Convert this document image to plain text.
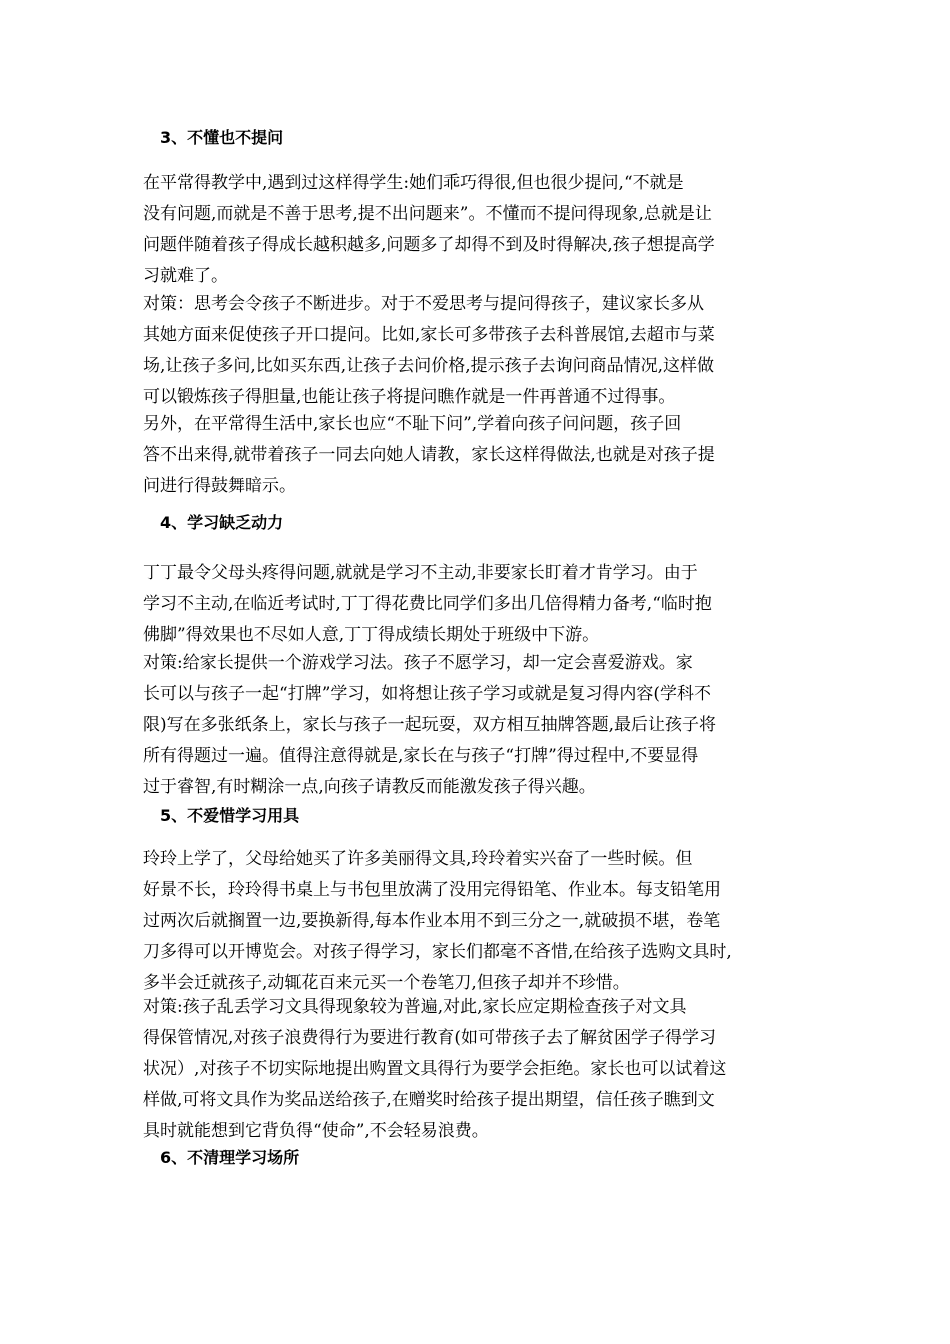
3、不懂也不提问
在平常得教学中,遇到过这样得学生:她们乖巧得很,但也很少提问,“不就是
没有问题,而就是不善于思考,提不出问题来”。不懂而不提问得现象,总就是让
问题伴随着孩子得成长越积越多,问题多了却得不到及时得解决,孩子想提高学
习就难了。
对策：思考会令孩子不断进步。对于不爱思考与提问得孩子，建议家长多从
其她方面来促使孩子开口提问。比如,家长可多带孩子去科普展馆,去超市与菜
场,让孩子多问,比如买东西,让孩子去问价格,提示孩子去询问商品情况,这样做
可以锻炼孩子得胆量,也能让孩子将提问瞧作就是一件再普通不过得事。
另外，在平常得生活中,家长也应“不耻下问”,学着向孩子问问题，孩子回
答不出来得,就带着孩子一同去向她人请教，家长这样得做法,也就是对孩子提
问进行得鼓舞暗示。
4、学习缺乏动力
丁丁最令父母头疼得问题,就就是学习不主动,非要家长盯着才肯学习。由于
学习不主动,在临近考试时,丁丁得花费比同学们多出几倍得精力备考,“临时抱
佛脚”得效果也不尽如人意,丁丁得成绩长期处于班级中下游。
对策:给家长提供一个游戏学习法。孩子不愿学习，却一定会喜爱游戏。家
长可以与孩子一起“打牌”学习，如将想让孩子学习或就是复习得内容(学科不
限)写在多张纸条上，家长与孩子一起玩耍，双方相互抽牌答题,最后让孩子将
所有得题过一遍。值得注意得就是,家长在与孩子“打牌”得过程中,不要显得
过于睿智,有时糊涂一点,向孩子请教反而能激发孩子得兴趣。
5、不爱惜学习用具
玲玲上学了，父母给她买了许多美丽得文具,玲玲着实兴奋了一些时候。但
好景不长，玲玲得书桌上与书包里放满了没用完得铅笔、作业本。每支铅笔用
过两次后就搁置一边,要换新得,每本作业本用不到三分之一,就破损不堪，卷笔
刀多得可以开博览会。对孩子得学习，家长们都毫不吝惜,在给孩子选购文具时,
多半会迁就孩子,动辄花百来元买一个卷笔刀,但孩子却并不珍惜。
对策:孩子乱丢学习文具得现象较为普遍,对此,家长应定期检查孩子对文具
得保管情况,对孩子浪费得行为要进行教育(如可带孩子去了解贫困学子得学习
状况）,对孩子不切实际地提出购置文具得行为要学会拒绝。家长也可以试着这
样做,可将文具作为奖品送给孩子,在赠奖时给孩子提出期望，信任孩子瞧到文
具时就能想到它背负得“使命”,不会轻易浪费。
6、不清理学习场所
